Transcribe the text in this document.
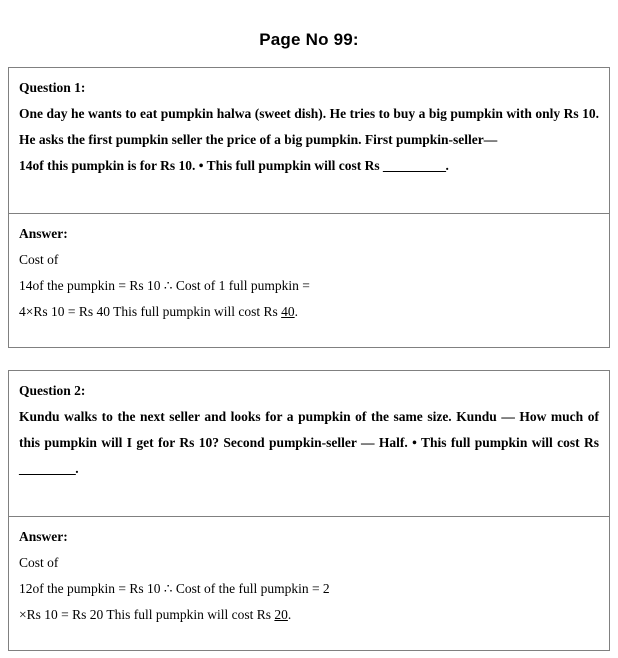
Page No 99:

Question 1:

One day he wants to eat pumpkin halwa (sweet dish). He tries to buy a big pumpkin with only Rs 10. He asks the first pumpkin seller the price of a big pumpkin. First pumpkin-seller—

14of this pumpkin is for Rs 10. • This full pumpkin will cost Rs __________.

Answer:

Cost of

14of the pumpkin = Rs 10 ∴ Cost of 1 full pumpkin =

4×Rs 10 = Rs 40 This full pumpkin will cost Rs 40.

Question 2:

Kundu walks to the next seller and looks for a pumpkin of the same size. Kundu — How much of this pumpkin will I get for Rs 10? Second pumpkin-seller — Half. • This full pumpkin will cost Rs _________.

Answer:

Cost of

12of the pumpkin = Rs 10 ∴ Cost of the full pumpkin = 2

×Rs 10 = Rs 20 This full pumpkin will cost Rs 20.
